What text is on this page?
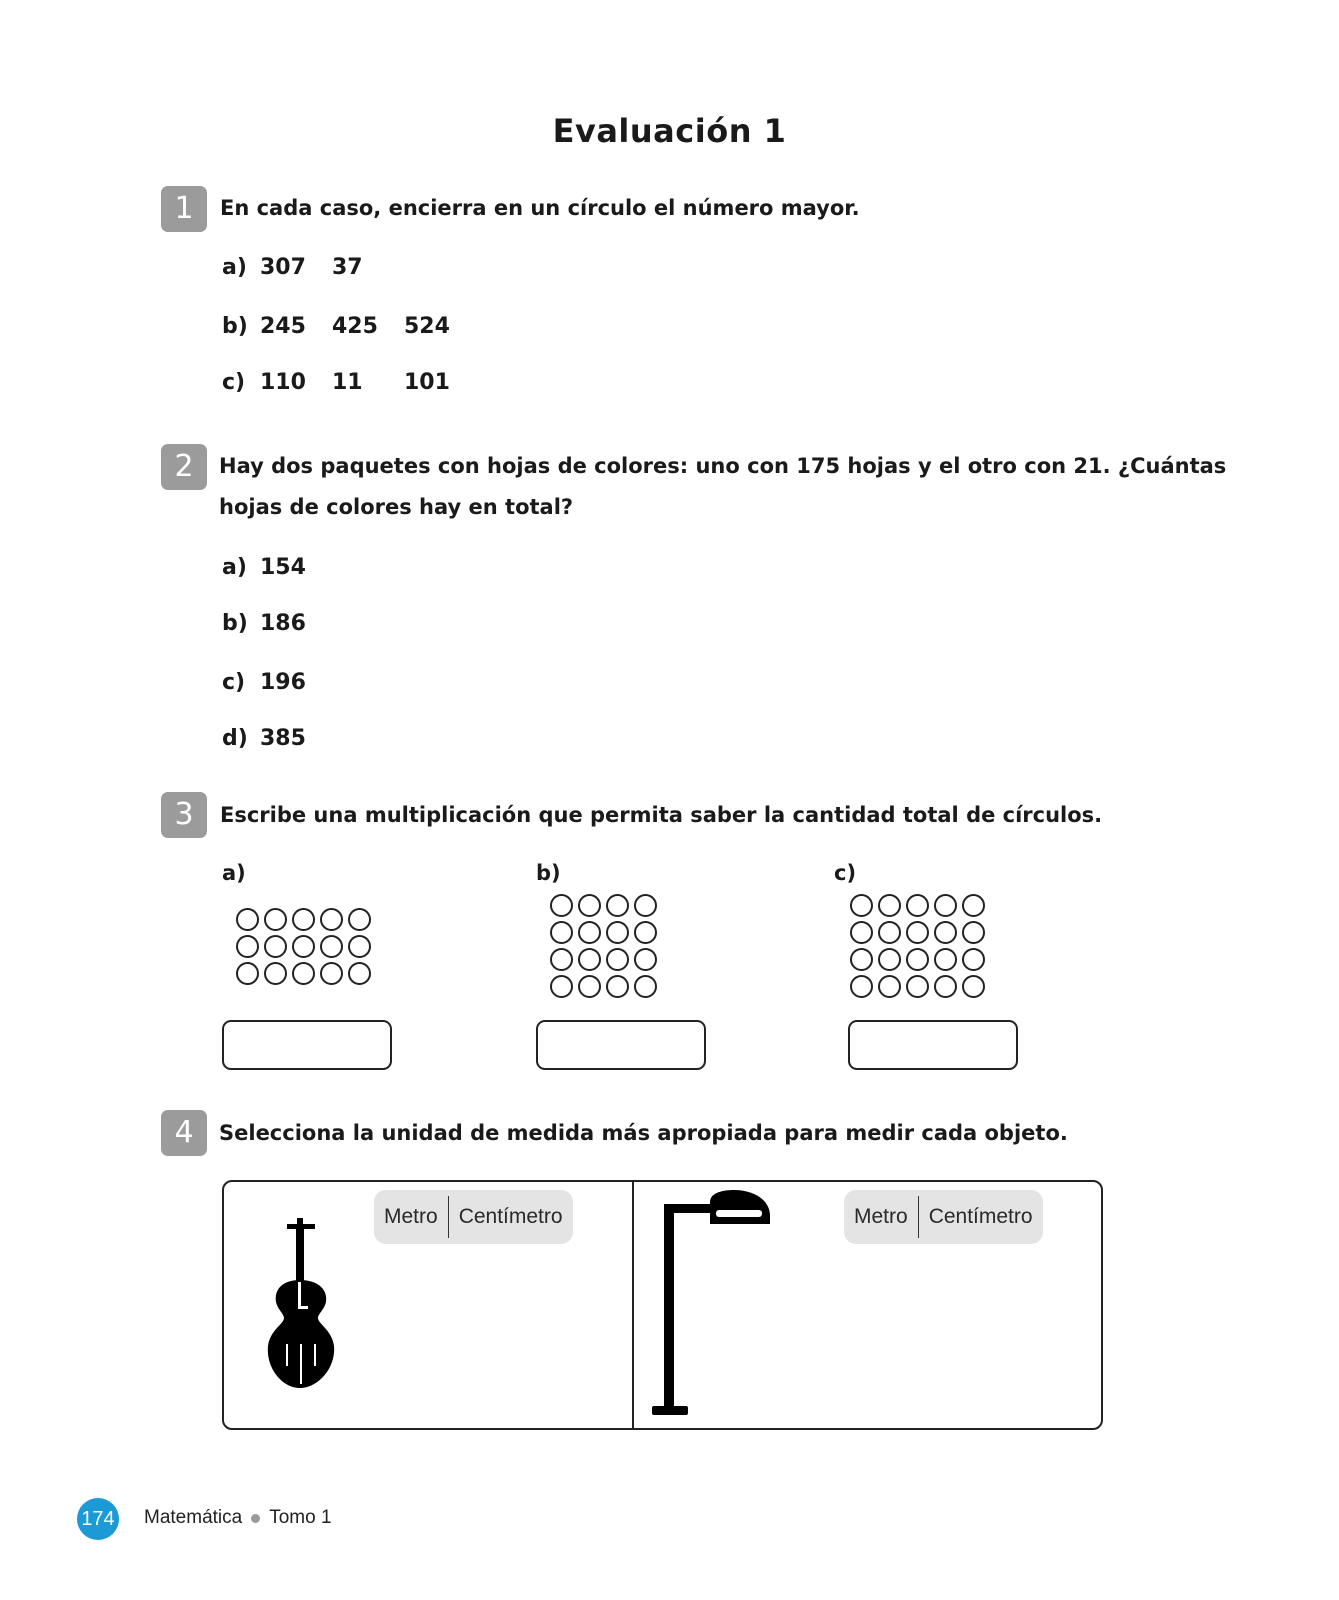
Evaluación 1
1	En cada caso, encierra en un círculo el número mayor.
a) 307	37
b) 245	425	524
c) 110	11	101
2	Hay dos paquetes con hojas de colores: uno con 175 hojas y el otro con 21. ¿Cuántas
hojas de colores hay en total?
a) 154
b) 186
c) 196
d) 385
3	Escribe una multiplicación que permita saber la cantidad total de círculos.
a)	b)	c)
4	Selecciona la unidad de medida más apropiada para medir cada objeto.
Metro	Centímetro	Metro	Centímetro
174 Matemática Tomo 1
